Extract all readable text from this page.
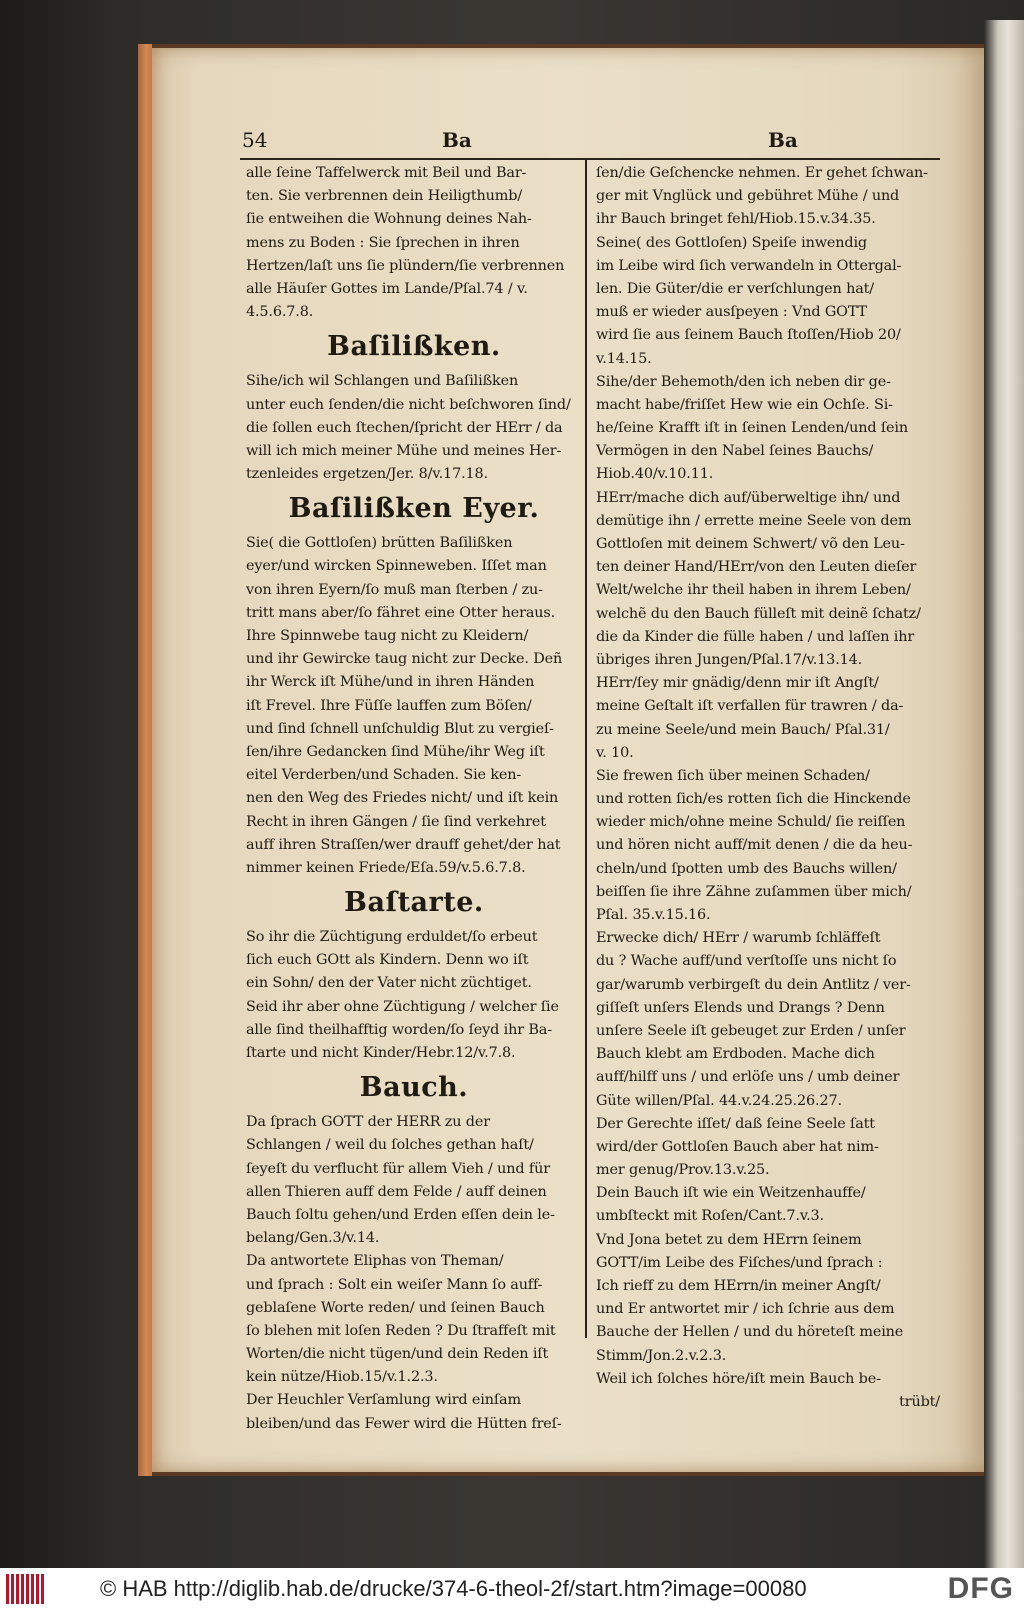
54	Ba	Ba
alle ſeine Taffelwerck mit Beil und Bar-
ten. Sie verbrennen dein Heiligthumb/
ſie entweihen die Wohnung deines Nah-
mens zu Boden : Sie ſprechen in ihren
Hertzen/laſt uns ſie plündern/ſie verbrennen
alle Häuſer Gottes im Lande/Pſal.74 / v.
4.5.6.7.8.
Baſilißken.
Sihe/ich wil Schlangen und Baſilißken
unter euch ſenden/die nicht beſchworen ſind/
die ſollen euch ſtechen/ſpricht der HErr / da
will ich mich meiner Mühe und meines Her-
tzenleides ergetzen/Jer. 8/v.17.18.
Baſilißken Eyer.
Sie( die Gottloſen) brütten Baſilißken
eyer/und wircken Spinneweben. Iſſet man
von ihren Eyern/ſo muß man ſterben / zu-
tritt mans aber/ſo fähret eine Otter heraus.
Ihre Spinnwebe taug nicht zu Kleidern/
und ihr Gewircke taug nicht zur Decke. Deñ
ihr Werck iſt Mühe/und in ihren Händen
iſt Frevel. Ihre Füſſe lauffen zum Böſen/
und ſind ſchnell unſchuldig Blut zu vergieſ-
ſen/ihre Gedancken ſind Mühe/ihr Weg iſt
eitel Verderben/und Schaden. Sie ken-
nen den Weg des Friedes nicht/ und iſt kein
Recht in ihren Gängen / ſie ſind verkehret
auff ihren Straſſen/wer drauff gehet/der hat
nimmer keinen Friede/Eſa.59/v.5.6.7.8.
Baſtarte.
So ihr die Züchtigung erduldet/ſo erbeut
ſich euch GOtt als Kindern. Denn wo iſt
ein Sohn/ den der Vater nicht züchtiget.
Seid ihr aber ohne Züchtigung / welcher ſie
alle ſind theilhafftig worden/ſo ſeyd ihr Ba-
ſtarte und nicht Kinder/Hebr.12/v.7.8.
Bauch.
Da ſprach GOTT der HERR zu der
Schlangen / weil du ſolches gethan haſt/
ſeyeſt du verflucht für allem Vieh / und für
allen Thieren auff dem Felde / auff deinen
Bauch ſoltu gehen/und Erden eſſen dein le-
belang/Gen.3/v.14.
Da antwortete Eliphas von Theman/
und ſprach : Solt ein weiſer Mann ſo auff-
geblaſene Worte reden/ und ſeinen Bauch
ſo blehen mit loſen Reden ? Du ſtraffeſt mit
Worten/die nicht tügen/und dein Reden iſt
kein nütze/Hiob.15/v.1.2.3.
Der Heuchler Verſamlung wird einſam
bleiben/und das Fewer wird die Hütten freſ-
ſen/die Geſchencke nehmen. Er gehet ſchwan-
ger mit Vnglück und gebühret Mühe / und
ihr Bauch bringet fehl/Hiob.15.v.34.35.
Seine( des Gottloſen) Speiſe inwendig
im Leibe wird ſich verwandeln in Ottergal-
len. Die Güter/die er verſchlungen hat/
muß er wieder ausſpeyen : Vnd GOTT
wird ſie aus ſeinem Bauch ſtoſſen/Hiob 20/
v.14.15.
Sihe/der Behemoth/den ich neben dir ge-
macht habe/friſſet Hew wie ein Ochſe. Si-
he/ſeine Krafft iſt in ſeinen Lenden/und ſein
Vermögen in den Nabel ſeines Bauchs/
Hiob.40/v.10.11.
HErr/mache dich auf/überweltige ihn/ und
demütige ihn / errette meine Seele von dem
Gottloſen mit deinem Schwert/ võ den Leu-
ten deiner Hand/HErr/von den Leuten dieſer
Welt/welche ihr theil haben in ihrem Leben/
welchẽ du den Bauch fülleſt mit deinẽ ſchatz/
die da Kinder die fülle haben / und laſſen ihr
übriges ihren Jungen/Pſal.17/v.13.14.
HErr/ſey mir gnädig/denn mir iſt Angſt/
meine Geſtalt iſt verfallen für trawren / da-
zu meine Seele/und mein Bauch/ Pſal.31/
v. 10.
Sie frewen ſich über meinen Schaden/
und rotten ſich/es rotten ſich die Hinckende
wieder mich/ohne meine Schuld/ ſie reiſſen
und hören nicht auff/mit denen / die da heu-
cheln/und ſpotten umb des Bauchs willen/
beiſſen ſie ihre Zähne zuſammen über mich/
Pſal. 35.v.15.16.
Erwecke dich/ HErr / warumb ſchläffeſt
du ? Wache auff/und verſtoſſe uns nicht ſo
gar/warumb verbirgeſt du dein Antlitz / ver-
giſſeſt unſers Elends und Drangs ? Denn
unſere Seele iſt gebeuget zur Erden / unſer
Bauch klebt am Erdboden. Mache dich
auff/hilff uns / und erlöſe uns / umb deiner
Güte willen/Pſal. 44.v.24.25.26.27.
Der Gerechte iſſet/ daß ſeine Seele ſatt
wird/der Gottloſen Bauch aber hat nim-
mer genug/Prov.13.v.25.
Dein Bauch iſt wie ein Weitzenhauffe/
umbſteckt mit Roſen/Cant.7.v.3.
Vnd Jona betet zu dem HErrn ſeinem
GOTT/im Leibe des Fiſches/und ſprach :
Ich rieff zu dem HErrn/in meiner Angſt/
und Er antwortet mir / ich ſchrie aus dem
Bauche der Hellen / und du höreteſt meine
Stimm/Jon.2.v.2.3.
Weil ich ſolches höre/iſt mein Bauch be-
trübt/
© HAB http://diglib.hab.de/drucke/374-6-theol-2f/start.htm?image=00080	DFG
